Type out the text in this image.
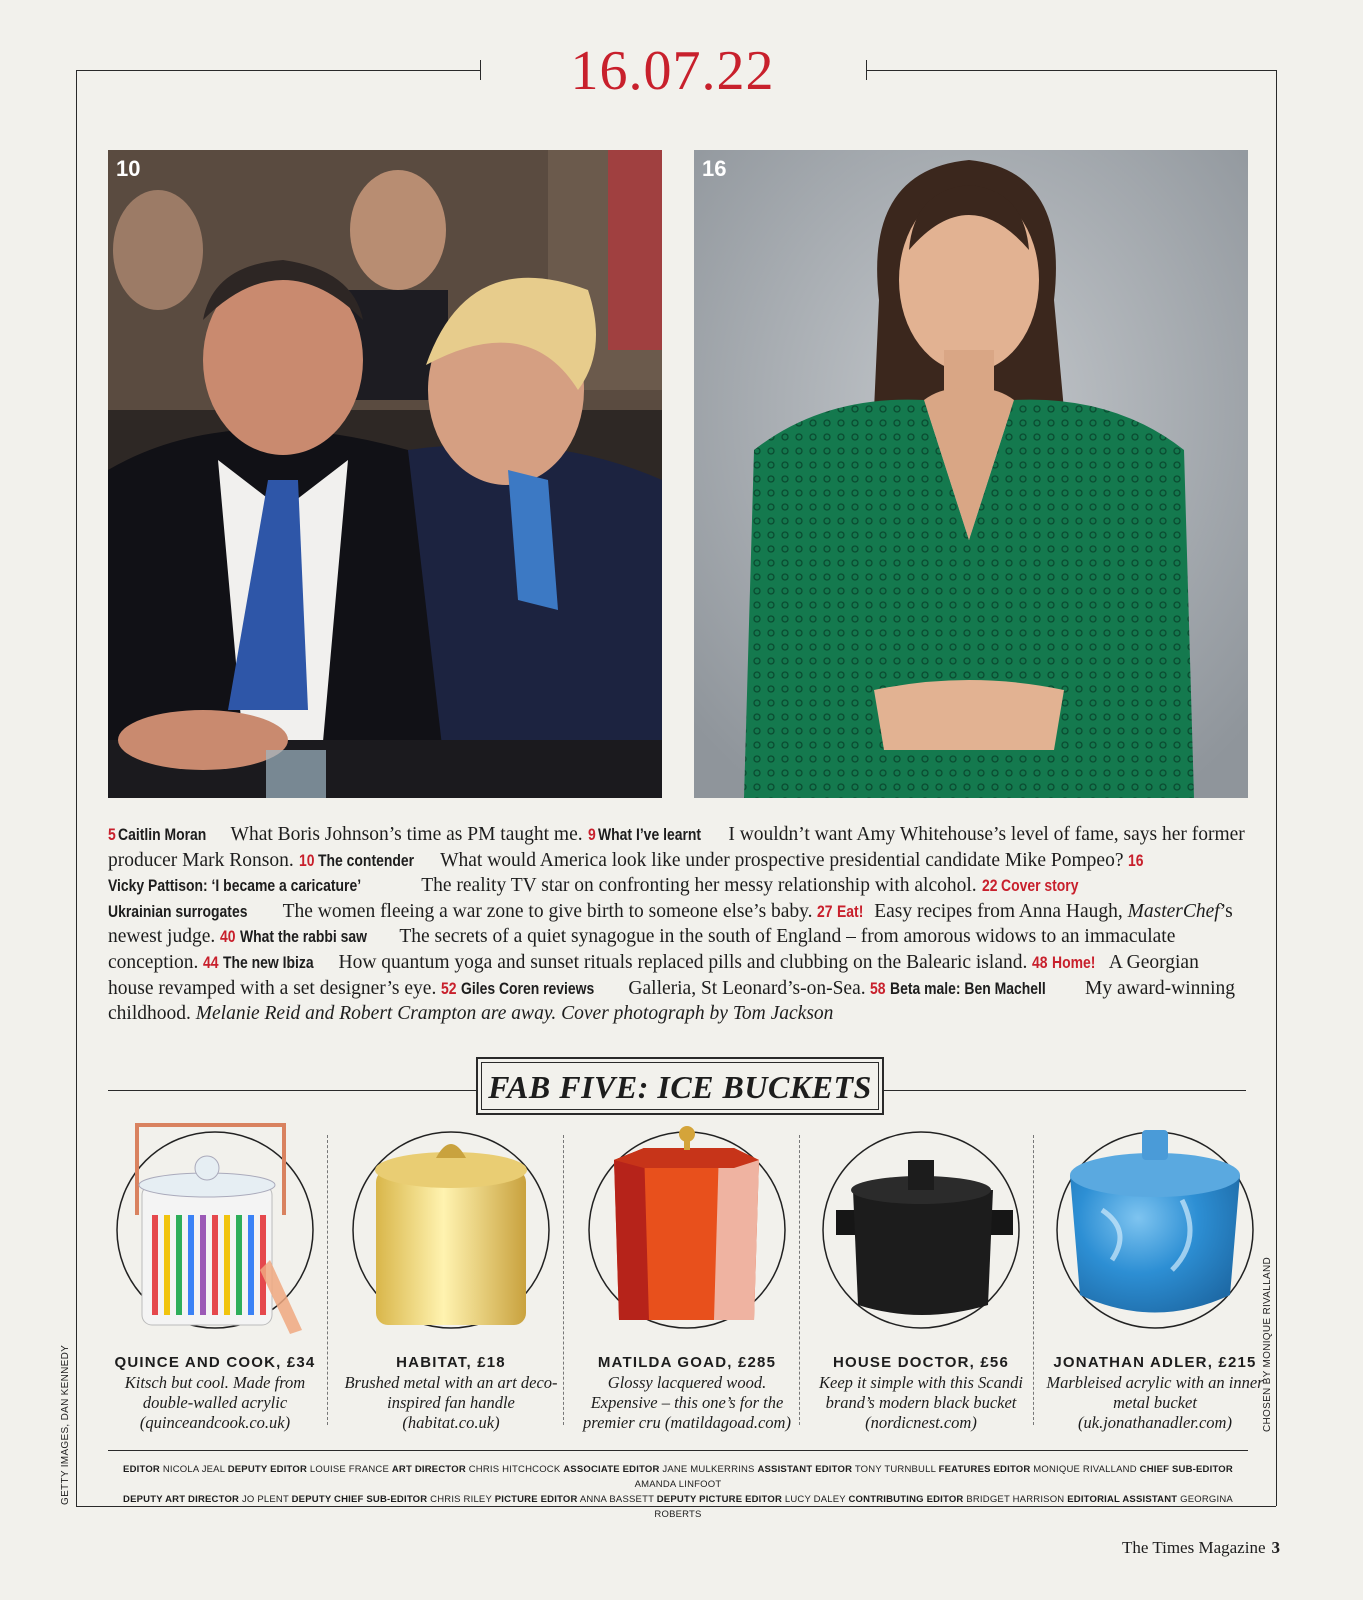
16.07.22
10	16
5 Caitlin Moran What Boris Johnson’s time as PM taught me. 9 What I’ve learnt I wouldn’t want Amy Whitehouse’s level of fame, says her former producer Mark Ronson. 10 The contender What would America look like under prospective presidential candidate Mike Pompeo? 16 Vicky Pattison: ‘I became a caricature’	The reality TV star on confronting her messy relationship with alcohol. 22 Cover story Ukrainian surrogates The women fleeing a war zone to give birth to someone else’s baby. 27 Eat! Easy recipes from Anna Haugh, MasterChef’s newest judge. 40 What the rabbi saw The secrets of a quiet synagogue in the south of England – from amorous widows to an immaculate conception. 44 The new Ibiza How quantum yoga and sunset rituals replaced pills and clubbing on the Balearic island. 48 Home! A Georgian house revamped with a set designer’s eye. 52 Giles Coren reviews Galleria, St Leonard’s-on-Sea. 58 Beta male: Ben Machell My award-winning childhood. Melanie Reid and Robert Crampton are away. Cover photograph by Tom Jackson
FAB FIVE: ICE BUCKETS
QUINCE AND COOK, £34
Kitsch but cool. Made from double-walled acrylic (quinceandcook.co.uk)
HABITAT, £18
Brushed metal with an art deco-inspired fan handle (habitat.co.uk)
MATILDA GOAD, £285
Glossy lacquered wood. Expensive – this one’s for the premier cru (matildagoad.com)
HOUSE DOCTOR, £56
Keep it simple with this Scandi brand’s modern black bucket (nordicnest.com)
JONATHAN ADLER, £215
Marbleised acrylic with an inner metal bucket (uk.jonathanadler.com)
EDITOR NICOLA JEAL DEPUTY EDITOR LOUISE FRANCE ART DIRECTOR CHRIS HITCHCOCK ASSOCIATE EDITOR JANE MULKERRINS ASSISTANT EDITOR TONY TURNBULL FEATURES EDITOR MONIQUE RIVALLAND CHIEF SUB-EDITOR AMANDA LINFOOT
DEPUTY ART DIRECTOR JO PLENT DEPUTY CHIEF SUB-EDITOR CHRIS RILEY PICTURE EDITOR ANNA BASSETT DEPUTY PICTURE EDITOR LUCY DALEY CONTRIBUTING EDITOR BRIDGET HARRISON EDITORIAL ASSISTANT GEORGINA ROBERTS
GETTY IMAGES, DAN KENNEDY	CHOSEN BY MONIQUE RIVALLAND
The Times Magazine 3
